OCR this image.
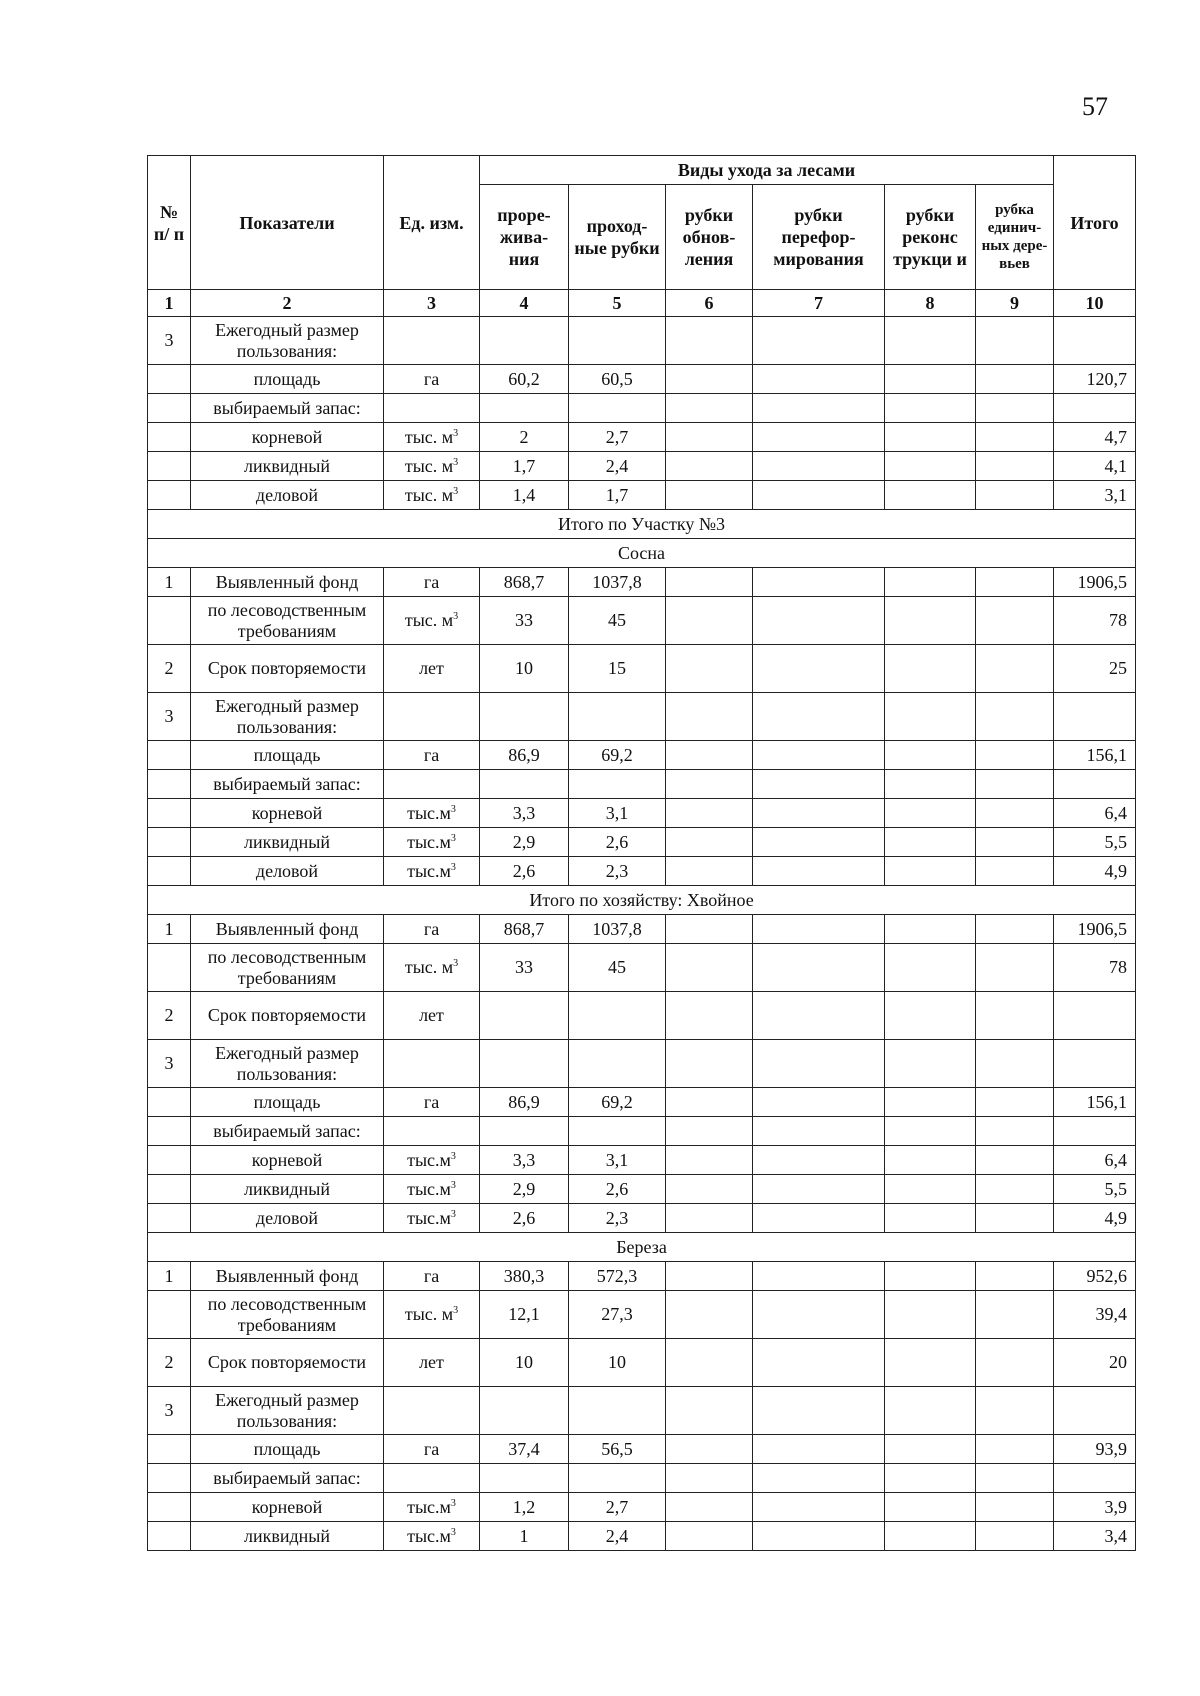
57
№ п/ п	Показатели	Ед. изм.	Виды ухода за лесами						Итого
			прорe- жива- ния	проход- ные рубки	рубки обнов- ления	рубки перефор- мирования	рубки реконс трукци и	рубка единич- ных дере- вьев	
1	2	3	4	5	6	7	8	9	10
3	Ежегодный размер пользования:								
	площадь	га	60,2	60,5					120,7
	выбираемый запас:								
	корневой	тыс. $м^3$	2	2,7					4,7
	ликвидный	тыс. $м^3$	1,7	2,4					4,1
	деловой	тыс. $м^3$	1,4	1,7					3,1
Итого по Участку №3									
Сосна									
1	Выявленный фонд	га	868,7	1037,8					1906,5
	по лесоводственным требованиям	тыс. $м^3$	33	45					78
2	Срок повторяемости	лет	10	15					25
3	Ежегодный размер пользования:								
	площадь	га	86,9	69,2					156,1
	выбираемый запас:								
	корневой	$тыс.м^3$	3,3	3,1					6,4
	ликвидный	$тыс.м^3$	2,9	2,6					5,5
	деловой	$тыс.м^3$	2,6	2,3					4,9
Итого по хозяйству: Хвойное									
1	Выявленный фонд	га	868,7	1037,8					1906,5
	по лесоводственным требованиям	тыс. $м^3$	33	45					78
2	Срок повторяемости	лет							
3	Ежегодный размер пользования:								
	площадь	га	86,9	69,2					156,1
	выбираемый запас:								
	корневой	$тыс.м^3$	3,3	3,1					6,4
	ликвидный	$тыс.м^3$	2,9	2,6					5,5
	деловой	$тыс.м^3$	2,6	2,3					4,9
Береза									
1	Выявленный фонд	га	380,3	572,3					952,6
	по лесоводственным требованиям	тыс. $м^3$	12,1	27,3					39,4
2	Срок повторяемости	лет	10	10					20
3	Ежегодный размер пользования:								
	площадь	га	37,4	56,5					93,9
	выбираемый запас:								
	корневой	$тыс.м^3$	1,2	2,7					3,9
	ликвидный	$тыс.м^3$	1	2,4					3,4
